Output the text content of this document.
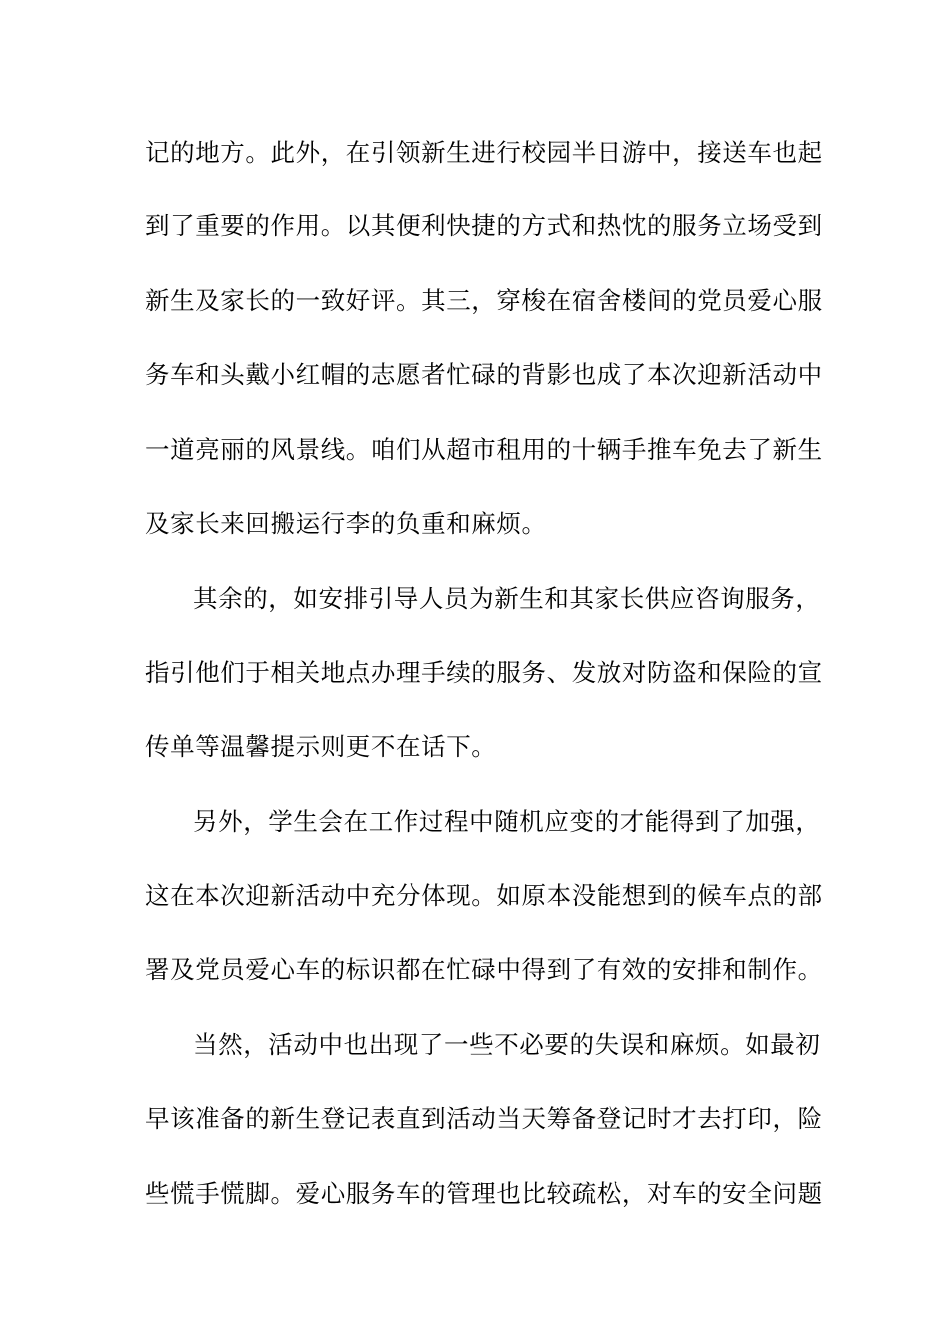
记的地方。此外，在引领新生进行校园半日游中，接送车也起
到了重要的作用。以其便利快捷的方式和热忱的服务立场受到
新生及家长的一致好评。其三，穿梭在宿舍楼间的党员爱心服
务车和头戴小红帽的志愿者忙碌的背影也成了本次迎新活动中
一道亮丽的风景线。咱们从超市租用的十辆手推车免去了新生
及家长来回搬运行李的负重和麻烦。
其余的，如安排引导人员为新生和其家长供应咨询服务，
指引他们于相关地点办理手续的服务、发放对防盗和保险的宣
传单等温馨提示则更不在话下。
另外，学生会在工作过程中随机应变的才能得到了加强，
这在本次迎新活动中充分体现。如原本没能想到的候车点的部
署及党员爱心车的标识都在忙碌中得到了有效的安排和制作。
当然，活动中也出现了一些不必要的失误和麻烦。如最初
早该准备的新生登记表直到活动当天筹备登记时才去打印，险
些慌手慌脚。爱心服务车的管理也比较疏松，对车的安全问题
